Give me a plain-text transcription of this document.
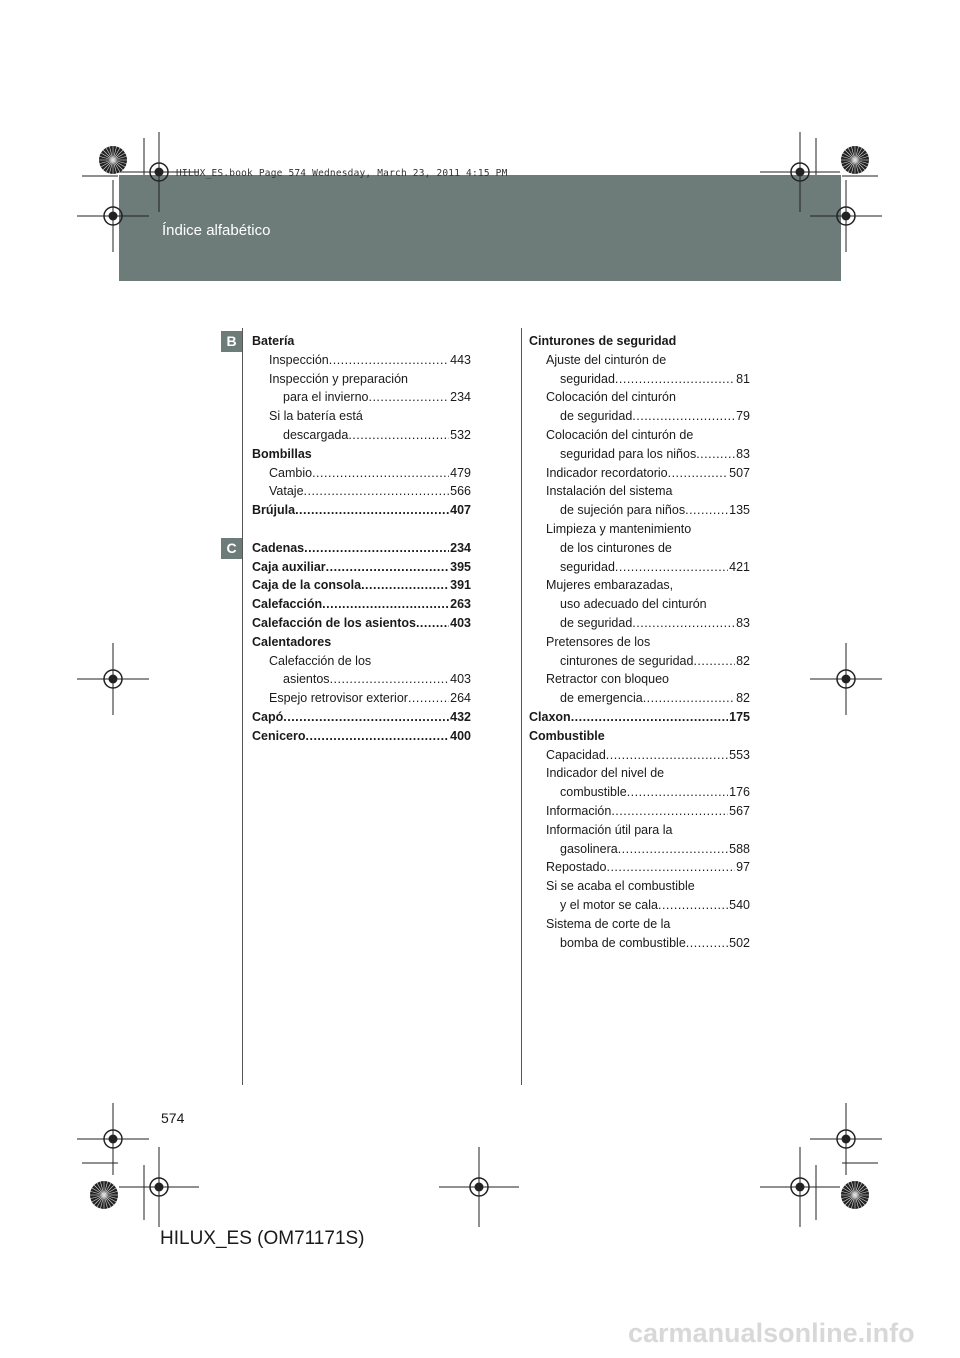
Índice alfabético
HILUX_ES.book Page 574 Wednesday, March 23, 2011 4:15 PM
B
C
Batería
Inspección .....	443
Inspección y preparación
para el invierno .....	234
Si la batería está
descargada .....	532
Bombillas
Cambio .....	479
Vataje .....	566
Brújula .....	407
Cadenas .....	234
Caja auxiliar .....	395
Caja de la consola .....	391
Calefacción .....	263
Calefacción de los asientos .....	403
Calentadores
Calefacción de los
asientos .....	403
Espejo retrovisor exterior .....	264
Capó .....	432
Cenicero .....	400
Cinturones de seguridad
Ajuste del cinturón de
seguridad .....	81
Colocación del cinturón
de seguridad .....	79
Colocación del cinturón de
seguridad para los niños .....	83
Indicador recordatorio .....	507
Instalación del sistema
de sujeción para niños .....	135
Limpieza y mantenimiento
de los cinturones de
seguridad .....	421
Mujeres embarazadas,
uso adecuado del cinturón
de seguridad .....	83
Pretensores de los
cinturones de seguridad .....	82
Retractor con bloqueo
de emergencia .....	82
Claxon .....	175
Combustible
Capacidad .....	553
Indicador del nivel de
combustible .....	176
Información .....	567
Información útil para la
gasolinera .....	588
Repostado .....	97
Si se acaba el combustible
y el motor se cala .....	540
Sistema de corte de la
bomba de combustible .....	502
574
HILUX_ES (OM71171S)
carmanualsonline.info
